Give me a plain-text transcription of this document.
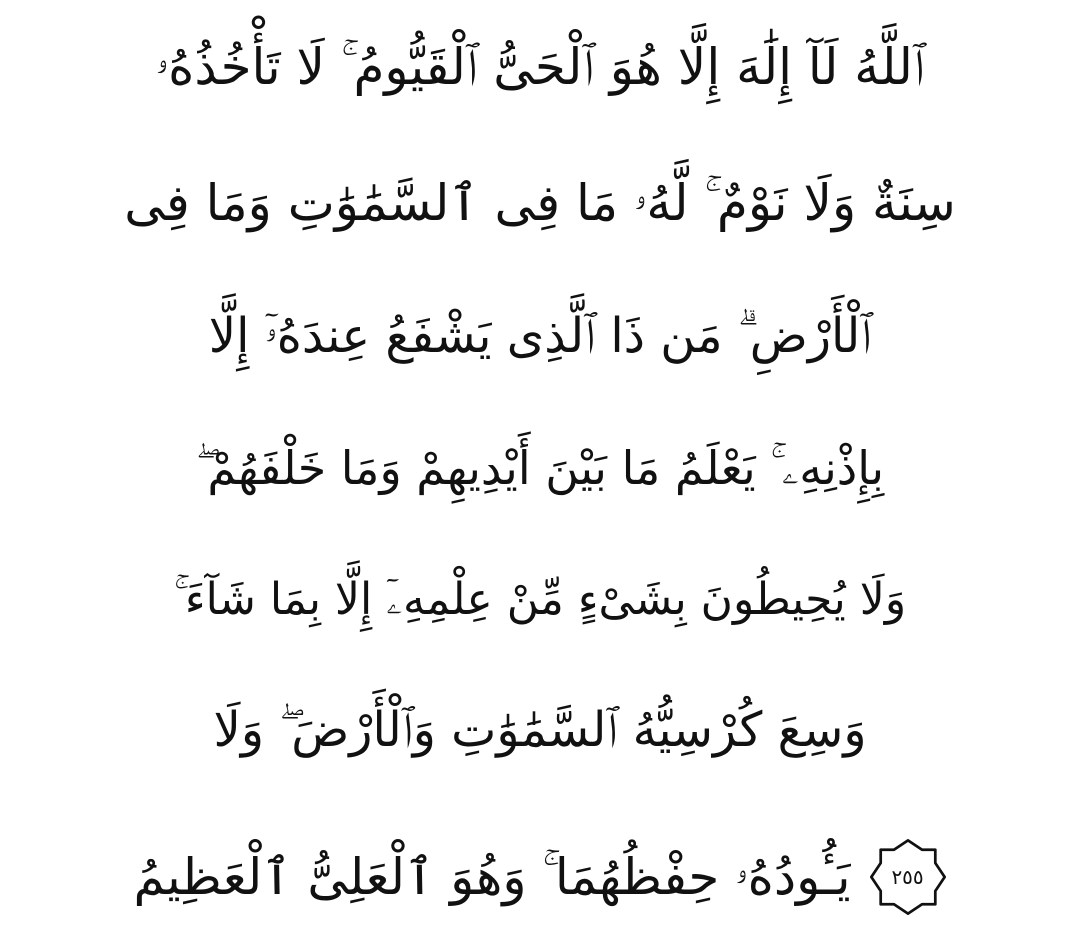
ٱللَّهُ لَآ إِلَٰهَ إِلَّا هُوَ ٱلْحَىُّ ٱلْقَيُّومُ ۚ لَا تَأْخُذُهُۥ
سِنَةٌ وَلَا نَوْمٌ ۚ لَّهُۥ مَا فِى ٱلسَّمَٰوَٰتِ وَمَا فِى
ٱلْأَرْضِ ۗ مَن ذَا ٱلَّذِى يَشْفَعُ عِندَهُۥٓ إِلَّا
بِإِذْنِهِۦ ۚ يَعْلَمُ مَا بَيْنَ أَيْدِيهِمْ وَمَا خَلْفَهُمْ ۖ
وَلَا يُحِيطُونَ بِشَىْءٍ مِّنْ عِلْمِهِۦٓ إِلَّا بِمَا شَآءَ ۚ
وَسِعَ كُرْسِيُّهُ ٱلسَّمَٰوَٰتِ وَٱلْأَرْضَ ۖ وَلَا
يَـُٔودُهُۥ حِفْظُهُمَا ۚ وَهُوَ ٱلْعَلِىُّ ٱلْعَظِيمُ ٢٥٥
